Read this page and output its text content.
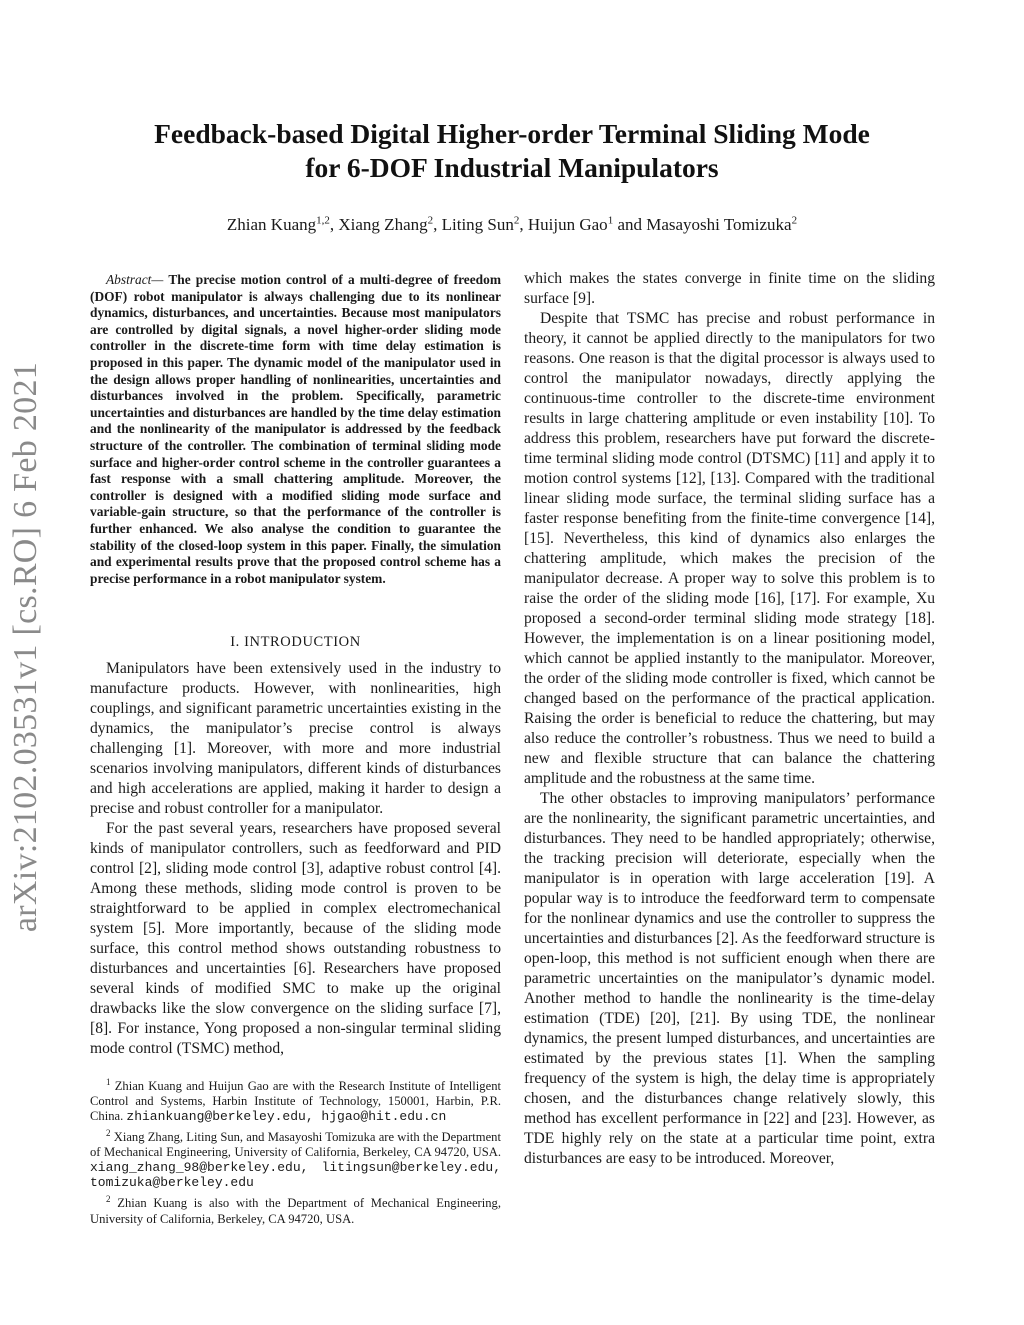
arXiv:2102.03531v1 [cs.RO] 6 Feb 2021
Feedback-based Digital Higher-order Terminal Sliding Mode
for 6-DOF Industrial Manipulators
Zhian Kuang$^{1,2}$, Xiang Zhang$^2$, Liting Sun$^2$, Huijun Gao$^1$ and Masayoshi Tomizuka$^2$

Abstract— The precise motion control of a multi-degree of freedom (DOF) robot manipulator is always challenging due to its nonlinear dynamics, disturbances, and uncertainties. Because most manipulators are controlled by digital signals, a novel higher-order sliding mode controller in the discrete-time form with time delay estimation is proposed in this paper. The dynamic model of the manipulator used in the design allows proper handling of nonlinearities, uncertainties and disturbances involved in the problem. Specifically, parametric uncertainties and disturbances are handled by the time delay estimation and the nonlinearity of the manipulator is addressed by the feedback structure of the controller. The combination of terminal sliding mode surface and higher-order control scheme in the controller guarantees a fast response with a small chattering amplitude. Moreover, the controller is designed with a modified sliding mode surface and variable-gain structure, so that the performance of the controller is further enhanced. We also analyse the condition to guarantee the stability of the closed-loop system in this paper. Finally, the simulation and experimental results prove that the proposed control scheme has a precise performance in a robot manipulator system.

I. INTRODUCTION

Manipulators have been extensively used in the industry to manufacture products. However, with nonlinearities, high couplings, and significant parametric uncertainties existing in the dynamics, the manipulator’s precise control is always challenging [1]. Moreover, with more and more industrial scenarios involving manipulators, different kinds of disturbances and high accelerations are applied, making it harder to design a precise and robust controller for a manipulator.

For the past several years, researchers have proposed several kinds of manipulator controllers, such as feedforward and PID control [2], sliding mode control [3], adaptive robust control [4]. Among these methods, sliding mode control is proven to be straightforward to be applied in complex electromechanical system [5]. More importantly, because of the sliding mode surface, this control method shows outstanding robustness to disturbances and uncertainties [6]. Researchers have proposed several kinds of modified SMC to make up the original drawbacks like the slow convergence on the sliding surface [7], [8]. For instance, Yong proposed a non-singular terminal sliding mode control (TSMC) method,

$^1$ Zhian Kuang and Huijun Gao are with the Research Institute of Intelligent Control and Systems, Harbin Institute of Technology, 150001, Harbin, P.R. China. zhiankuang@berkeley.edu, hjgao@hit.edu.cn

$^2$ Xiang Zhang, Liting Sun, and Masayoshi Tomizuka are with the Department of Mechanical Engineering, University of California, Berkeley, CA 94720, USA. xiang_zhang_98@berkeley.edu, litingsun@berkeley.edu, tomizuka@berkeley.edu

$^2$ Zhian Kuang is also with the Department of Mechanical Engineering, University of California, Berkeley, CA 94720, USA.

which makes the states converge in finite time on the sliding surface [9].

Despite that TSMC has precise and robust performance in theory, it cannot be applied directly to the manipulators for two reasons. One reason is that the digital processor is always used to control the manipulator nowadays, directly applying the continuous-time controller to the discrete-time environment results in large chattering amplitude or even instability [10]. To address this problem, researchers have put forward the discrete-time terminal sliding mode control (DTSMC) [11] and apply it to motion control systems [12], [13]. Compared with the traditional linear sliding mode surface, the terminal sliding surface has a faster response benefiting from the finite-time convergence [14], [15]. Nevertheless, this kind of dynamics also enlarges the chattering amplitude, which makes the precision of the manipulator decrease. A proper way to solve this problem is to raise the order of the sliding mode [16], [17]. For example, Xu proposed a second-order terminal sliding mode strategy [18]. However, the implementation is on a linear positioning model, which cannot be applied instantly to the manipulator. Moreover, the order of the sliding mode controller is fixed, which cannot be changed based on the performance of the practical application. Raising the order is beneficial to reduce the chattering, but may also reduce the controller’s robustness. Thus we need to build a new and flexible structure that can balance the chattering amplitude and the robustness at the same time.

The other obstacles to improving manipulators’ performance are the nonlinearity, the significant parametric uncertainties, and disturbances. They need to be handled appropriately; otherwise, the tracking precision will deteriorate, especially when the manipulator is in operation with large acceleration [19]. A popular way is to introduce the feedforward term to compensate for the nonlinear dynamics and use the controller to suppress the uncertainties and disturbances [2]. As the feedforward structure is open-loop, this method is not sufficient enough when there are parametric uncertainties on the manipulator’s dynamic model. Another method to handle the nonlinearity is the time-delay estimation (TDE) [20], [21]. By using TDE, the nonlinear dynamics, the present lumped disturbances, and uncertainties are estimated by the previous states [1]. When the sampling frequency of the system is high, the delay time is appropriately chosen, and the disturbances change relatively slowly, this method has excellent performance in [22] and [23]. However, as TDE highly rely on the state at a particular time point, extra disturbances are easy to be introduced. Moreover,
